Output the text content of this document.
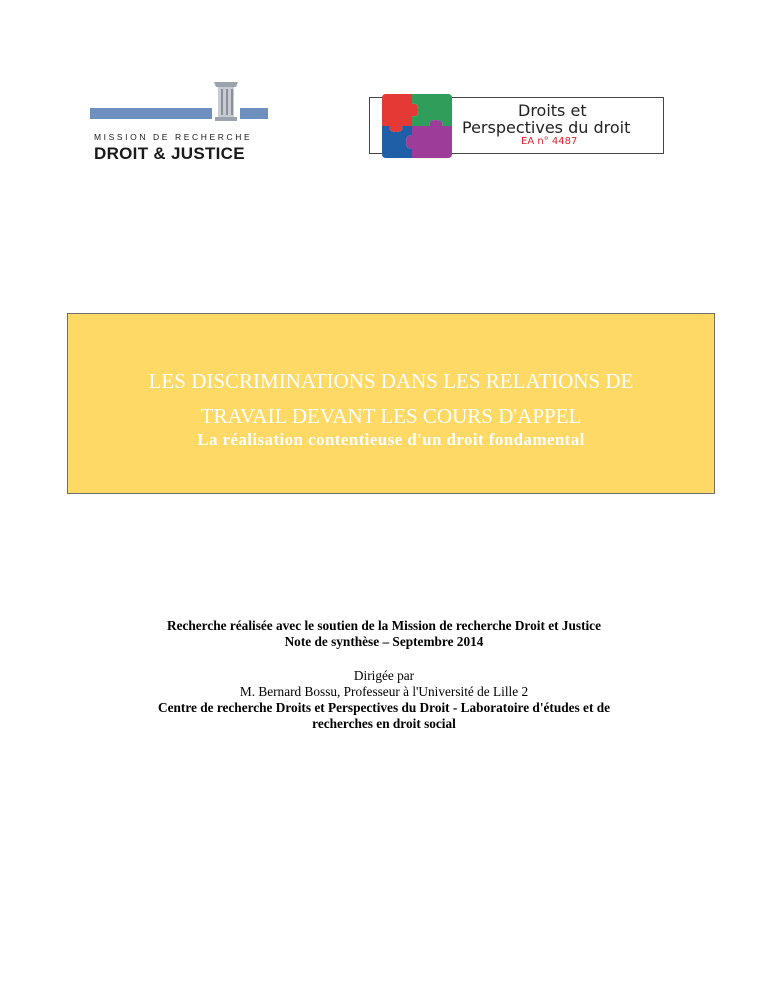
MISSION DE RECHERCHE
DROIT & JUSTICE
Droits et
Perspectives du droit
EA n° 4487
LES DISCRIMINATIONS DANS LES RELATIONS DE
TRAVAIL DEVANT LES COURS D'APPEL
La réalisation contentieuse d'un droit fondamental
Recherche réalisée avec le soutien de la Mission de recherche Droit et Justice
Note de synthèse – Septembre 2014
Dirigée par
M. Bernard Bossu, Professeur à l'Université de Lille 2
Centre de recherche Droits et Perspectives du Droit - Laboratoire d'études et de
recherches en droit social
